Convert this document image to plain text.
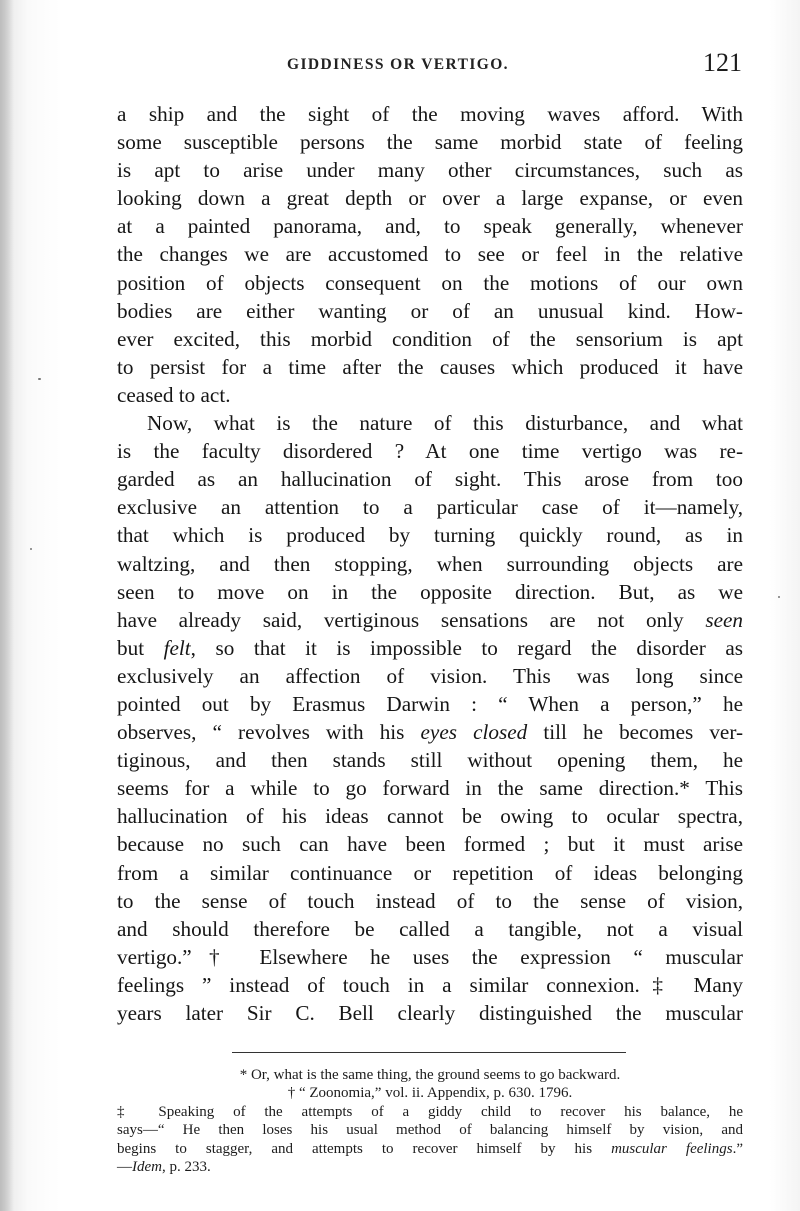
GIDDINESS OR VERTIGO.	121
a ship and the sight of the moving waves afford. With
some susceptible persons the same morbid state of feeling
is apt to arise under many other circumstances, such as
looking down a great depth or over a large expanse, or even
at a painted panorama, and, to speak generally, whenever
the changes we are accustomed to see or feel in the relative
position of objects consequent on the motions of our own
bodies are either wanting or of an unusual kind. How-
ever excited, this morbid condition of the sensorium is apt
to persist for a time after the causes which produced it have
ceased to act.
Now, what is the nature of this disturbance, and what
is the faculty disordered ? At one time vertigo was re-
garded as an hallucination of sight. This arose from too
exclusive an attention to a particular case of it—namely,
that which is produced by turning quickly round, as in
waltzing, and then stopping, when surrounding objects are
seen to move on in the opposite direction. But, as we
have already said, vertiginous sensations are not only seen
but felt, so that it is impossible to regard the disorder as
exclusively an affection of vision. This was long since
pointed out by Erasmus Darwin : “ When a person,” he
observes, “ revolves with his eyes closed till he becomes ver-
tiginous, and then stands still without opening them, he
seems for a while to go forward in the same direction.* This
hallucination of his ideas cannot be owing to ocular spectra,
because no such can have been formed ; but it must arise
from a similar continuance or repetition of ideas belonging
to the sense of touch instead of to the sense of vision,
and should therefore be called a tangible, not a visual
vertigo.”† Elsewhere he uses the expression “ muscular
feelings ” instead of touch in a similar connexion.‡ Many
years later Sir C. Bell clearly distinguished the muscular
* Or, what is the same thing, the ground seems to go backward.
† “ Zoonomia,” vol. ii. Appendix, p. 630. 1796.
‡ Speaking of the attempts of a giddy child to recover his balance, he
says—“ He then loses his usual method of balancing himself by vision, and
begins to stagger, and attempts to recover himself by his muscular feelings.”
—Idem, p. 233.
